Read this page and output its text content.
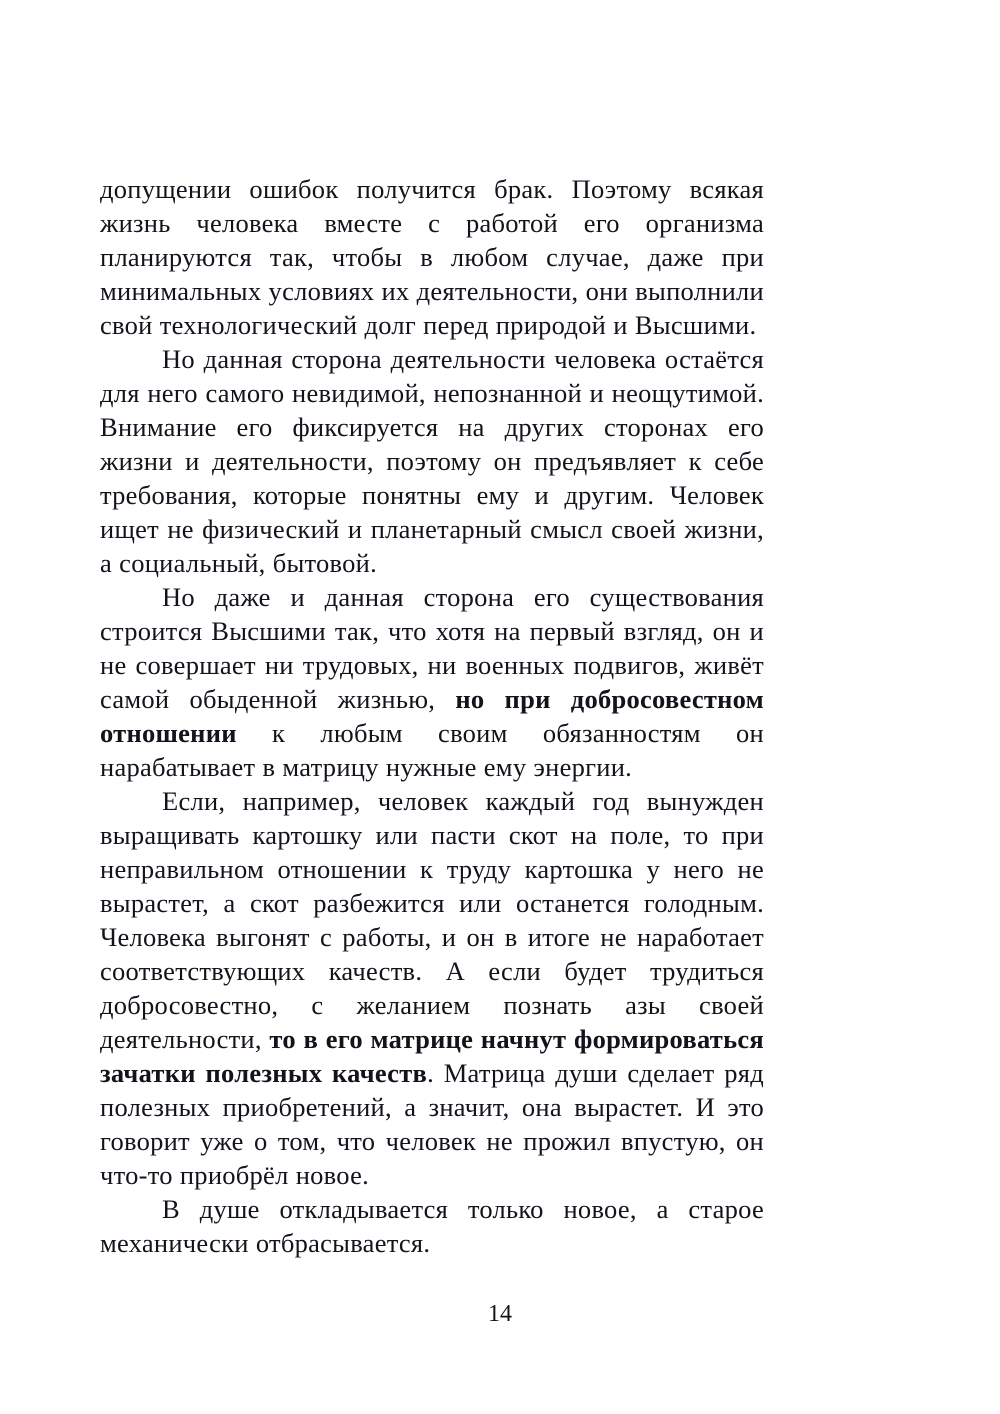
допущении ошибок получится брак. Поэтому всякая жизнь человека вместе с работой его организма планируются так, чтобы в любом случае, даже при минимальных условиях их деятельности, они выполнили свой технологический долг перед природой и Высшими.

Но данная сторона деятельности человека остаётся для него самого невидимой, непознанной и неощутимой. Внимание его фиксируется на других сторонах его жизни и деятельности, поэтому он предъявляет к себе требования, которые понятны ему и другим. Человек ищет не физический и планетарный смысл своей жизни, а социальный, бытовой.

Но даже и данная сторона его существования строится Высшими так, что хотя на первый взгляд, он и не совершает ни трудовых, ни военных подвигов, живёт самой обыденной жизнью, но при добросовестном отношении к любым своим обязанностям он нарабатывает в матрицу нужные ему энергии.

Если, например, человек каждый год вынужден выращивать картошку или пасти скот на поле, то при неправильном отношении к труду картошка у него не вырастет, а скот разбежится или останется голодным. Человека выгонят с работы, и он в итоге не наработает соответствующих качеств. А если будет трудиться добросовестно, с желанием познать азы своей деятельности, то в его матрице начнут формироваться зачатки полезных качеств. Матрица души сделает ряд полезных приобретений, а значит, она вырастет. И это говорит уже о том, что человек не прожил впустую, он что-то приобрёл новое.

В душе откладывается только новое, а старое механически отбрасывается.

14
